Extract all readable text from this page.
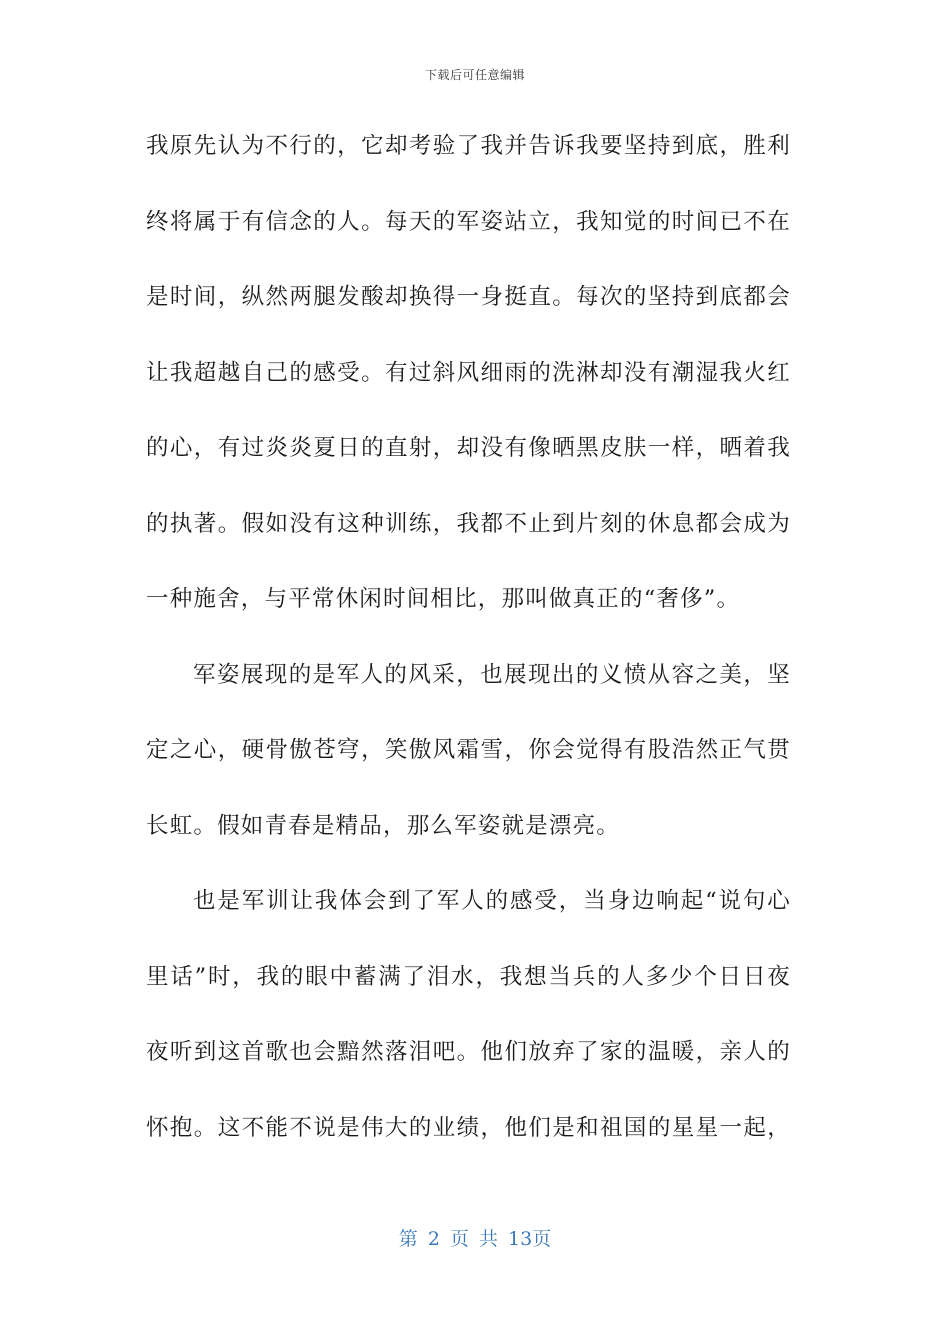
下载后可任意编辑
我原先认为不行的，它却考验了我并告诉我要坚持到底，胜利
终将属于有信念的人。每天的军姿站立，我知觉的时间已不在
是时间，纵然两腿发酸却换得一身挺直。每次的坚持到底都会
让我超越自己的感受。有过斜风细雨的洗淋却没有潮湿我火红
的心，有过炎炎夏日的直射，却没有像晒黑皮肤一样，晒着我
的执著。假如没有这种训练，我都不止到片刻的休息都会成为
一种施舍，与平常休闲时间相比，那叫做真正的“奢侈”。
军姿展现的是军人的风采，也展现出的义愤从容之美，坚
定之心，硬骨傲苍穹，笑傲风霜雪，你会觉得有股浩然正气贯
长虹。假如青春是精品，那么军姿就是漂亮。
也是军训让我体会到了军人的感受，当身边响起“说句心
里话”时，我的眼中蓄满了泪水，我想当兵的人多少个日日夜
夜听到这首歌也会黯然落泪吧。他们放弃了家的温暖，亲人的
怀抱。这不能不说是伟大的业绩，他们是和祖国的星星一起，
第 2 页 共 13页
